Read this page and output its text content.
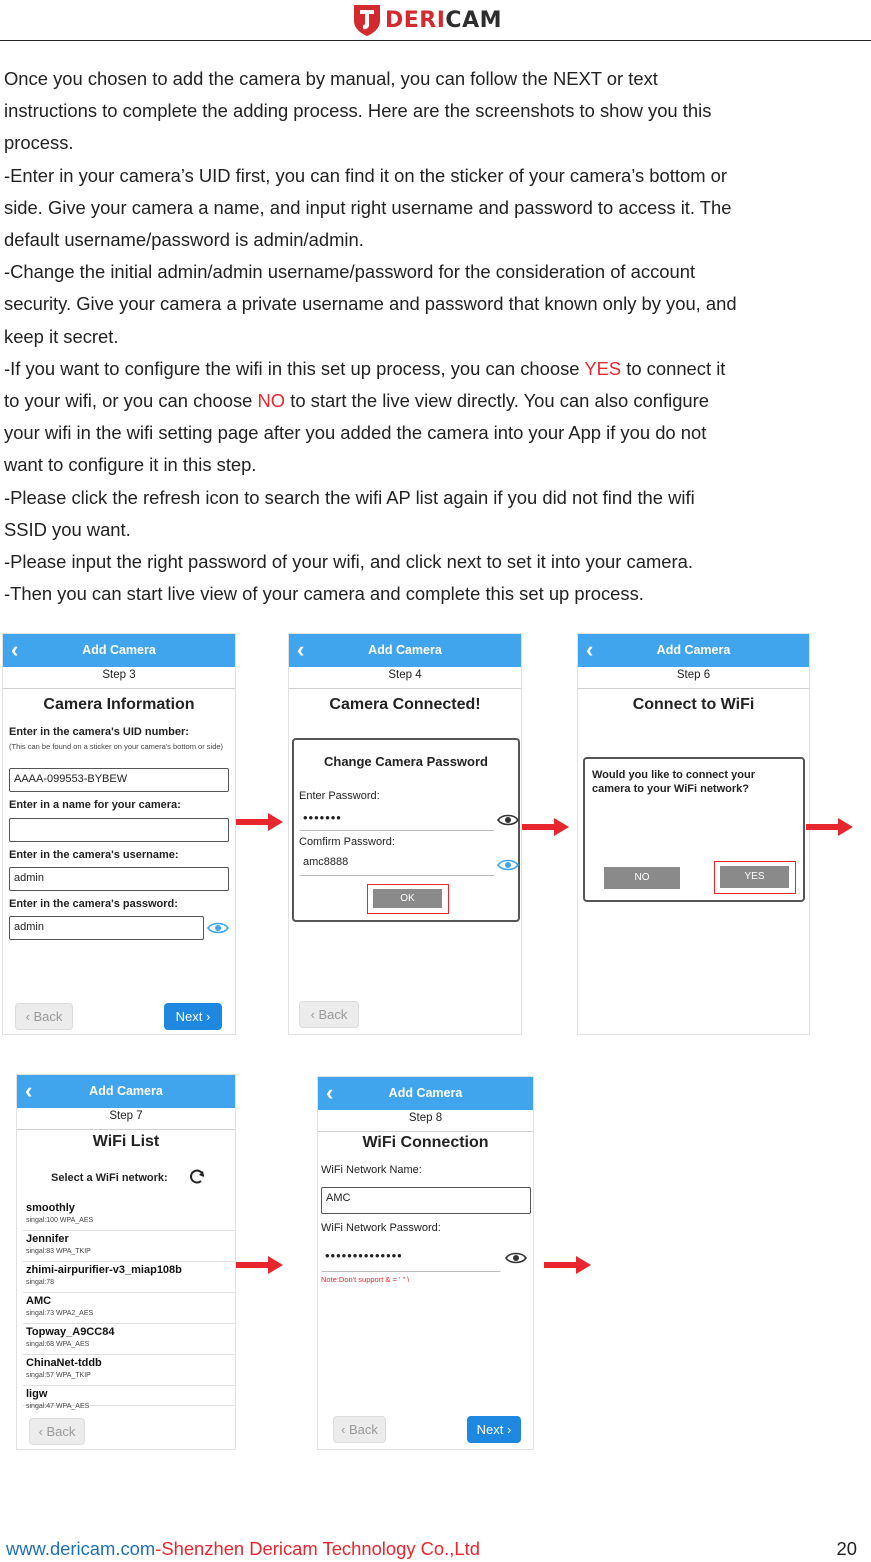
DERICAM

Once you chosen to add the camera by manual, you can follow the NEXT or text

instructions to complete the adding process. Here are the screenshots to show you this

process.

-Enter in your camera’s UID first, you can find it on the sticker of your camera’s bottom or

side. Give your camera a name, and input right username and password to access it. The

default username/password is admin/admin.

-Change the initial admin/admin username/password for the consideration of account

security. Give your camera a private username and password that known only by you, and

keep it secret.

-If you want to configure the wifi in this set up process, you can choose YES to connect it

to your wifi, or you can choose NO to start the live view directly. You can also configure

your wifi in the wifi setting page after you added the camera into your App if you do not

want to configure it in this step.

-Please click the refresh icon to search the wifi AP list again if you did not find the wifi

SSID you want.

-Please input the right password of your wifi, and click next to set it into your camera.

-Then you can start live view of your camera and complete this set up process.

‹	Add Camera
Step 3
Camera Information
Enter in the camera's UID number:
(This can be found on a sticker on your camera's bottom or side)
AAAA-099553-BYBEW
Enter in a name for your camera:
Enter in the camera's username:
admin
Enter in the camera's password:
admin
‹ Back	Next ›
‹	Add Camera
Step 4
Camera Connected!
Change Camera Password
Enter Password:
•••••••
Comfirm Password:
amc8888
OK
‹ Back
‹	Add Camera
Step 6
Connect to WiFi
Would you like to connect your camera to your WiFi network?
NO	YES
‹	Add Camera
Step 7
WiFi List
Select a WiFi network:
smoothly
singal:100 WPA_AES
Jennifer
singal:83 WPA_TKIP
zhimi-airpurifier-v3_miap108b
singal:78
AMC
singal:73 WPA2_AES
Topway_A9CC84
singal:68 WPA_AES
ChinaNet-tddb
singal:57 WPA_TKIP
ligw
singal:47 WPA_AES
‹ Back
‹	Add Camera
Step 8
WiFi Connection
WiFi Network Name:
AMC
WiFi Network Password:
••••••••••••••
Note:Don't support & = ' " \
‹ Back	Next ›
www.dericam.com-Shenzhen Dericam Technology Co.,Ltd	20
